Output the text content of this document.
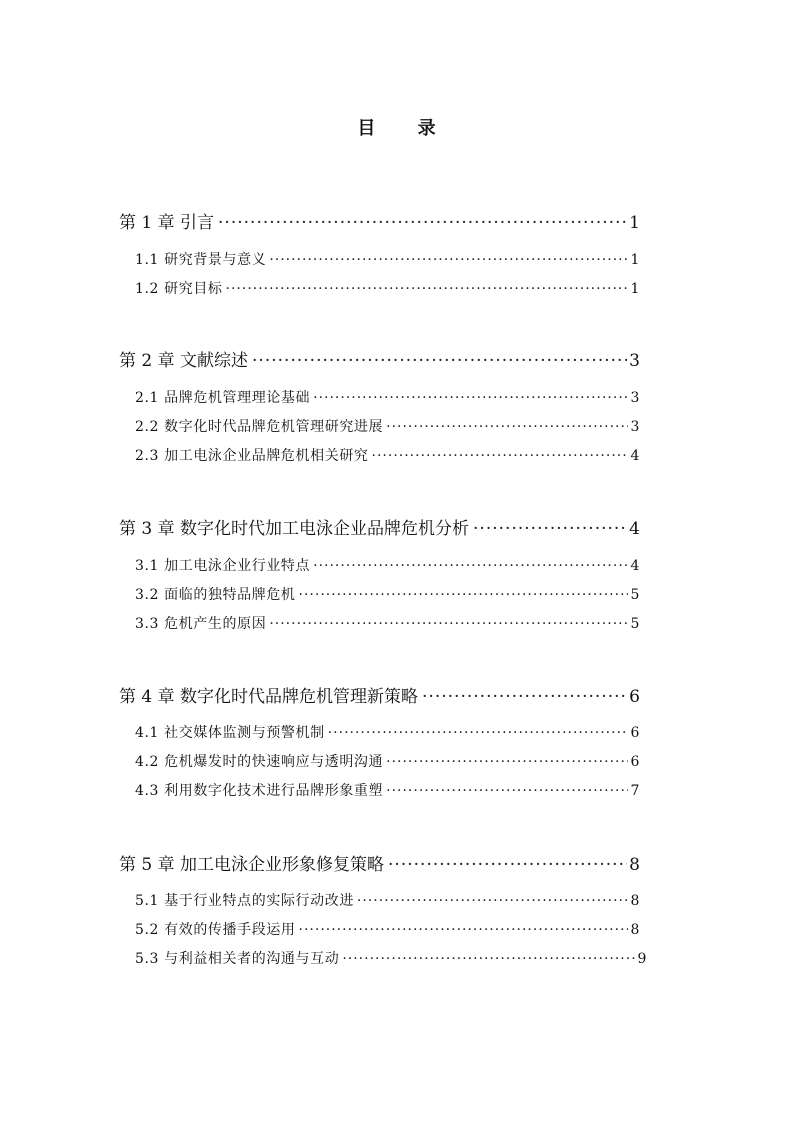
目 录
第 1 章 引言 ·····	1
1.1 研究背景与意义 ·····	1
1.2 研究目标 ·····	1
第 2 章 文献综述 ·····	3
2.1 品牌危机管理理论基础 ·····	3
2.2 数字化时代品牌危机管理研究进展 ·····	3
2.3 加工电泳企业品牌危机相关研究 ·····	4
第 3 章 数字化时代加工电泳企业品牌危机分析 ·····	4
3.1 加工电泳企业行业特点 ·····	4
3.2 面临的独特品牌危机 ·····	5
3.3 危机产生的原因 ·····	5
第 4 章 数字化时代品牌危机管理新策略 ·····	6
4.1 社交媒体监测与预警机制 ·····	6
4.2 危机爆发时的快速响应与透明沟通 ·····	6
4.3 利用数字化技术进行品牌形象重塑 ·····	7
第 5 章 加工电泳企业形象修复策略 ·····	8
5.1 基于行业特点的实际行动改进 ·····	8
5.2 有效的传播手段运用 ·····	8
5.3 与利益相关者的沟通与互动 ·····	9
